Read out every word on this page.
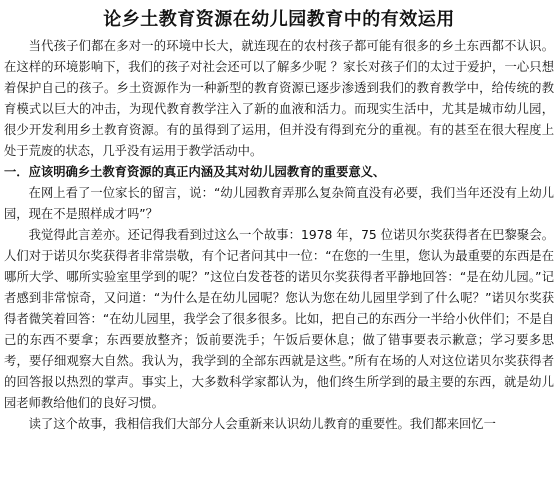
论乡土教育资源在幼儿园教育中的有效运用

当代孩子们都在多对一的环境中长大，就连现在的农村孩子都可能有很多的乡土东西都不认识。在这样的环境影响下，我们的孩子对社会还可以了解多少呢 ？家长对孩子们的太过于爱护，一心只想着保护自己的孩子。乡土资源作为一种新型的教育资源已逐步渗透到我们的教育教学中，给传统的教育模式以巨大的冲击，为现代教育教学注入了新的血液和活力。而现实生活中，尤其是城市幼儿园，很少开发利用乡土教育资源。有的虽得到了运用，但并没有得到充分的重视。有的甚至在很大程度上处于荒废的状态，几乎没有运用于教学活动中。

一．应该明确乡土教育资源的真正内涵及其对幼儿园教育的重要意义、

在网上看了一位家长的留言，说：“幼儿园教育弄那么复杂简直没有必要，我们当年还没有上幼儿园，现在不是照样成才吗”？

我觉得此言差亦。还记得我看到过这么一个故事：1978 年，75 位诺贝尔奖获得者在巴黎聚会。人们对于诺贝尔奖获得者非常崇敬，有个记者问其中一位：“在您的一生里，您认为最重要的东西是在哪所大学、哪所实验室里学到的呢？”这位白发苍苍的诺贝尔奖获得者平静地回答：“是在幼儿园。”记者感到非常惊奇，又问道：“为什么是在幼儿园呢？您认为您在幼儿园里学到了什么呢？”诺贝尔奖获得者微笑着回答：“在幼儿园里，我学会了很多很多。比如，把自己的东西分一半给小伙伴们；不是自己的东西不要拿；东西要放整齐；饭前要洗手；午饭后要休息；做了错事要表示歉意；学习要多思考，要仔细观察大自然。我认为，我学到的全部东西就是这些。”所有在场的人对这位诺贝尔奖获得者的回答报以热烈的掌声。事实上，大多数科学家都认为，他们终生所学到的最主要的东西，就是幼儿园老师教给他们的良好习惯。

读了这个故事，我相信我们大部分人会重新来认识幼儿教育的重要性。我们都来回忆一
